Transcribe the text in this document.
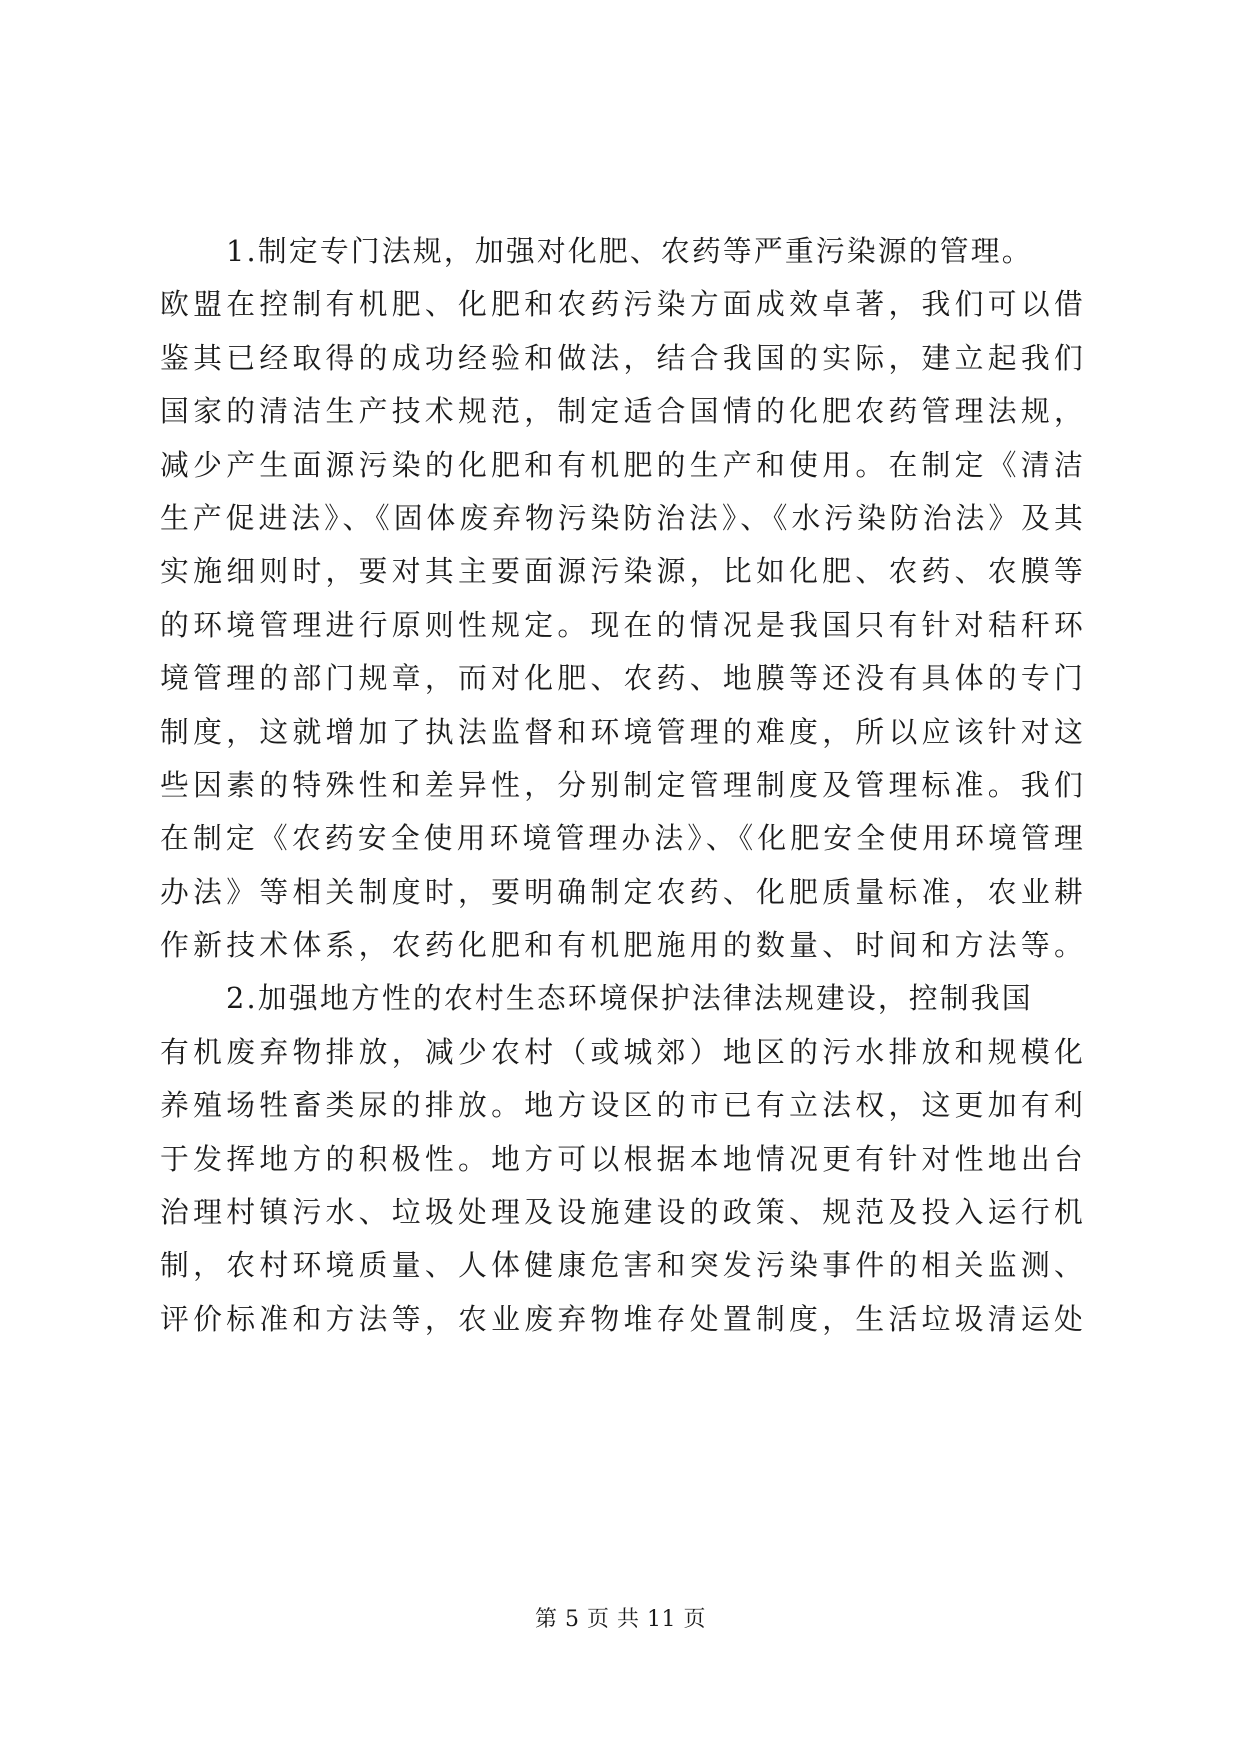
1.制定专门法规，加强对化肥、农药等严重污染源的管理。
欧盟在控制有机肥、化肥和农药污染方面成效卓著，我们可以借
鉴其已经取得的成功经验和做法，结合我国的实际，建立起我们
国家的清洁生产技术规范，制定适合国情的化肥农药管理法规，
减少产生面源污染的化肥和有机肥的生产和使用。在制定《清洁
生产促进法》、《固体废弃物污染防治法》、《水污染防治法》及其
实施细则时，要对其主要面源污染源，比如化肥、农药、农膜等
的环境管理进行原则性规定。现在的情况是我国只有针对秸秆环
境管理的部门规章，而对化肥、农药、地膜等还没有具体的专门
制度，这就增加了执法监督和环境管理的难度，所以应该针对这
些因素的特殊性和差异性，分别制定管理制度及管理标准。我们
在制定《农药安全使用环境管理办法》、《化肥安全使用环境管理
办法》等相关制度时，要明确制定农药、化肥质量标准，农业耕
作新技术体系，农药化肥和有机肥施用的数量、时间和方法等。
2.加强地方性的农村生态环境保护法律法规建设，控制我国
有机废弃物排放，减少农村（或城郊）地区的污水排放和规模化
养殖场牲畜类尿的排放。地方设区的市已有立法权，这更加有利
于发挥地方的积极性。地方可以根据本地情况更有针对性地出台
治理村镇污水、垃圾处理及设施建设的政策、规范及投入运行机
制，农村环境质量、人体健康危害和突发污染事件的相关监测、
评价标准和方法等，农业废弃物堆存处置制度，生活垃圾清运处
第 5 页 共 11 页
